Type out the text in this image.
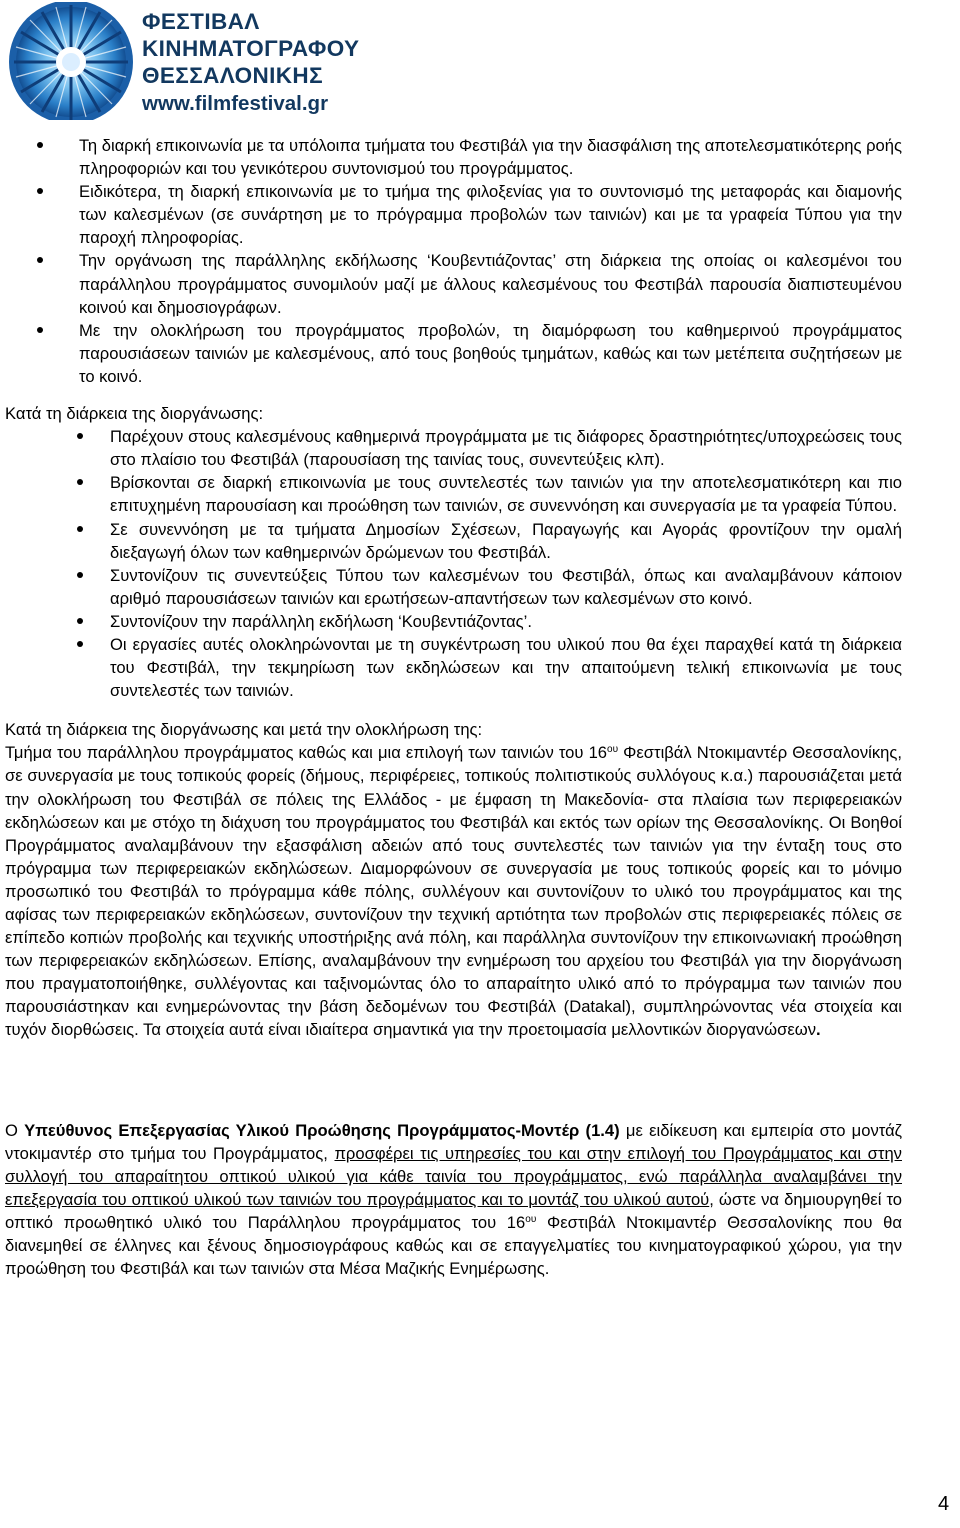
ΦΕΣΤΙΒΑΛ
ΚΙΝΗΜΑΤΟΓΡΑΦΟΥ
ΘΕΣΣΑΛΟΝΙΚΗΣ
www.filmfestival.gr
Τη διαρκή επικοινωνία με τα υπόλοιπα τμήματα του Φεστιβάλ για την διασφάλιση της αποτελεσματικότερης ροής πληροφοριών και του γενικότερου συντονισμού του προγράμματος.
Ειδικότερα, τη διαρκή επικοινωνία με το τμήμα της φιλοξενίας για το συντονισμό της μεταφοράς και διαμονής των καλεσμένων (σε συνάρτηση με το πρόγραμμα προβολών των ταινιών) και με τα γραφεία Τύπου για την παροχή πληροφορίας.
Την οργάνωση της παράλληλης εκδήλωσης ‘Κουβεντιάζοντας’ στη διάρκεια της οποίας οι καλεσμένοι του παράλληλου προγράμματος συνομιλούν μαζί με άλλους καλεσμένους του Φεστιβάλ παρουσία διαπιστευμένου κοινού και δημοσιογράφων.
Με την ολοκλήρωση του προγράμματος προβολών, τη διαμόρφωση του καθημερινού προγράμματος παρουσιάσεων ταινιών με καλεσμένους, από τους βοηθούς τμημάτων, καθώς και των μετέπειτα συζητήσεων με το κοινό.

Κατά τη διάρκεια της διοργάνωσης:

Παρέχουν στους καλεσμένους καθημερινά προγράμματα με τις διάφορες δραστηριότητες/υποχρεώσεις τους στο πλαίσιο του Φεστιβάλ (παρουσίαση της ταινίας τους, συνεντεύξεις κλπ).
Βρίσκονται σε διαρκή επικοινωνία με τους συντελεστές των ταινιών για την αποτελεσματικότερη και πιο επιτυχημένη παρουσίαση και προώθηση των ταινιών, σε συνεννόηση και συνεργασία με τα γραφεία Τύπου.
Σε συνεννόηση με τα τμήματα Δημοσίων Σχέσεων, Παραγωγής και Αγοράς φροντίζουν την ομαλή διεξαγωγή όλων των καθημερινών δρώμενων του Φεστιβάλ.
Συντονίζουν τις συνεντεύξεις Τύπου των καλεσμένων του Φεστιβάλ, όπως και αναλαμβάνουν κάποιον αριθμό παρουσιάσεων ταινιών και ερωτήσεων-απαντήσεων των καλεσμένων στο κοινό.
Συντονίζουν την παράλληλη εκδήλωση ‘Κουβεντιάζοντας’.
Οι εργασίες αυτές ολοκληρώνονται με τη συγκέντρωση του υλικού που θα έχει παραχθεί κατά τη διάρκεια του Φεστιβάλ, την τεκμηρίωση των εκδηλώσεων και την απαιτούμενη τελική επικοινωνία με τους συντελεστές των ταινιών.

Κατά τη διάρκεια της διοργάνωσης και μετά την ολοκλήρωση της:

Τμήμα του παράλληλου προγράμματος καθώς και μια επιλογή των ταινιών του $16^{o\upsilon}$ Φεστιβάλ Ντοκιμαντέρ Θεσσαλονίκης, σε συνεργασία με τους τοπικούς φορείς (δήμους, περιφέρειες, τοπικούς πολιτιστικούς συλλόγους κ.α.) παρουσιάζεται μετά την ολοκλήρωση του Φεστιβάλ σε πόλεις της Ελλάδος - με έμφαση τη Μακεδονία- στα πλαίσια των περιφερειακών εκδηλώσεων και με στόχο τη διάχυση του προγράμματος του Φεστιβάλ και εκτός των ορίων της Θεσσαλονίκης. Οι Βοηθοί Προγράμματος αναλαμβάνουν την εξασφάλιση αδειών από τους συντελεστές των ταινιών για την ένταξη τους στο πρόγραμμα των περιφερειακών εκδηλώσεων. Διαμορφώνουν σε συνεργασία με τους τοπικούς φορείς και το μόνιμο προσωπικό του Φεστιβάλ το πρόγραμμα κάθε πόλης, συλλέγουν και συντονίζουν το υλικό του προγράμματος και της αφίσας των περιφερειακών εκδηλώσεων, συντονίζουν την τεχνική αρτιότητα των προβολών στις περιφερειακές πόλεις σε επίπεδο κοπιών προβολής και τεχνικής υποστήριξης ανά πόλη, και παράλληλα συντονίζουν την επικοινωνιακή προώθηση των περιφερειακών εκδηλώσεων. Επίσης, αναλαμβάνουν την ενημέρωση του αρχείου του Φεστιβάλ για την διοργάνωση που πραγματοποιήθηκε, συλλέγοντας και ταξινομώντας όλο το απαραίτητο υλικό από το πρόγραμμα των ταινιών που παρουσιάστηκαν και ενημερώνοντας την βάση δεδομένων του Φεστιβάλ (Datakal), συμπληρώνοντας νέα στοιχεία και τυχόν διορθώσεις. Τα στοιχεία αυτά είναι ιδιαίτερα σημαντικά για την προετοιμασία μελλοντικών διοργανώσεων.

Ο Υπεύθυνος Επεξεργασίας Υλικού Προώθησης Προγράμματος-Μοντέρ (1.4) με ειδίκευση και εμπειρία στο μοντάζ ντοκιμαντέρ στο τμήμα του Προγράμματος, προσφέρει τις υπηρεσίες του και στην επιλογή του Προγράμματος και στην συλλογή του απαραίτητου οπτικού υλικού για κάθε ταινία του προγράμματος, ενώ παράλληλα αναλαμβάνει την επεξεργασία του οπτικού υλικού των ταινιών του προγράμματος και το μοντάζ του υλικού αυτού, ώστε να δημιουργηθεί το οπτικό προωθητικό υλικό του Παράλληλου προγράμματος του $16^{o\upsilon}$ Φεστιβάλ Ντοκιμαντέρ Θεσσαλονίκης που θα διανεμηθεί σε έλληνες και ξένους δημοσιογράφους καθώς και σε επαγγελματίες του κινηματογραφικού χώρου, για την προώθηση του Φεστιβάλ και των ταινιών στα Μέσα Μαζικής Ενημέρωσης.

4
